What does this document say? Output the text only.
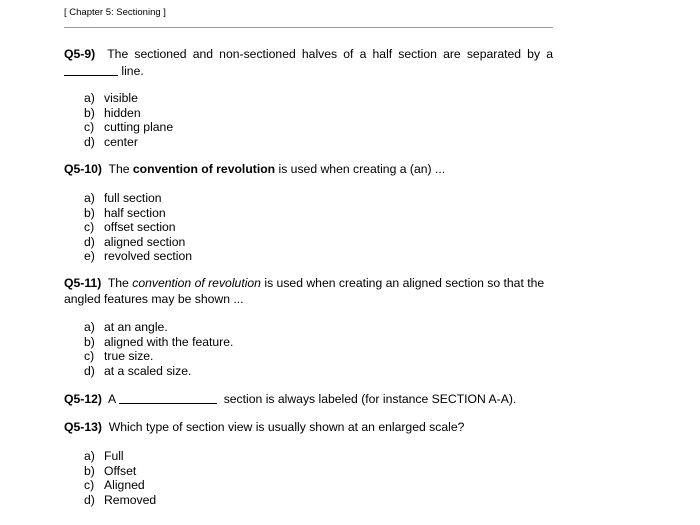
[ Chapter 5: Sectioning ]
Q5-9) The sectioned and non-sectioned halves of a half section are separated by a  line.
a) visible
b) hidden
c) cutting plane
d) center
Q5-10) The convention of revolution is used when creating a (an) ...
a) full section
b) half section
c) offset section
d) aligned section
e) revolved section
Q5-11) The convention of revolution is used when creating an aligned section so that the angled features may be shown ...
a) at an angle.
b) aligned with the feature.
c) true size.
d) at a scaled size.
Q5-12) A	section is always labeled (for instance SECTION A-A).
Q5-13) Which type of section view is usually shown at an enlarged scale?
a) Full
b) Offset
c) Aligned
d) Removed
